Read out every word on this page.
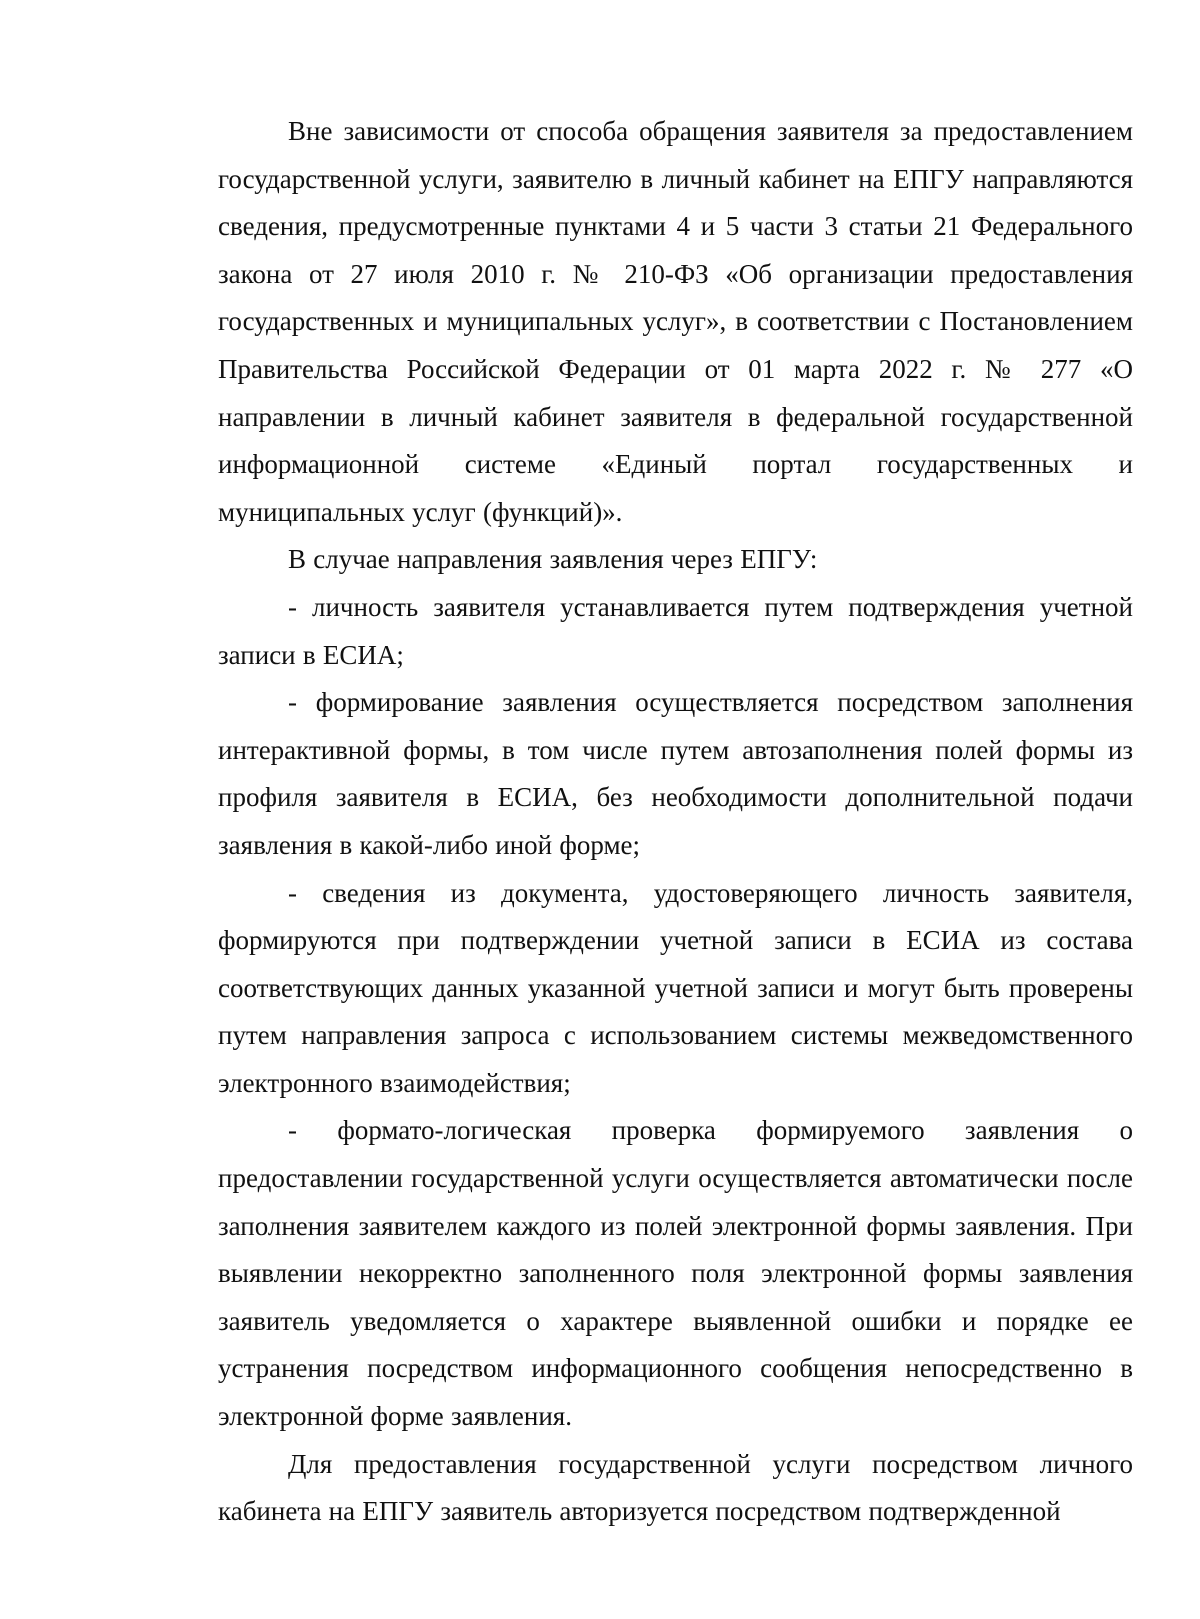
Вне зависимости от способа обращения заявителя за предоставлением государственной услуги, заявителю в личный кабинет на ЕПГУ направляются сведения, предусмотренные пунктами 4 и 5 части 3 статьи 21 Федерального закона от 27 июля 2010 г. № 210-ФЗ «Об организации предоставления государственных и муниципальных услуг», в соответствии с Постановлением Правительства Российской Федерации от 01 марта 2022 г. № 277 «О направлении в личный кабинет заявителя в федеральной государственной информационной системе «Единый портал государственных и муниципальных услуг (функций)».

В случае направления заявления через ЕПГУ:

- личность заявителя устанавливается путем подтверждения учетной записи в ЕСИА;

- формирование заявления осуществляется посредством заполнения интерактивной формы, в том числе путем автозаполнения полей формы из профиля заявителя в ЕСИА, без необходимости дополнительной подачи заявления в какой-либо иной форме;

- сведения из документа, удостоверяющего личность заявителя, формируются при подтверждении учетной записи в ЕСИА из состава соответствующих данных указанной учетной записи и могут быть проверены путем направления запроса с использованием системы межведомственного электронного взаимодействия;

- формато-логическая проверка формируемого заявления о предоставлении государственной услуги осуществляется автоматически после заполнения заявителем каждого из полей электронной формы заявления. При выявлении некорректно заполненного поля электронной формы заявления заявитель уведомляется о характере выявленной ошибки и порядке ее устранения посредством информационного сообщения непосредственно в электронной форме заявления.

Для предоставления государственной услуги посредством личного кабинета на ЕПГУ заявитель авторизуется посредством подтвержденной
